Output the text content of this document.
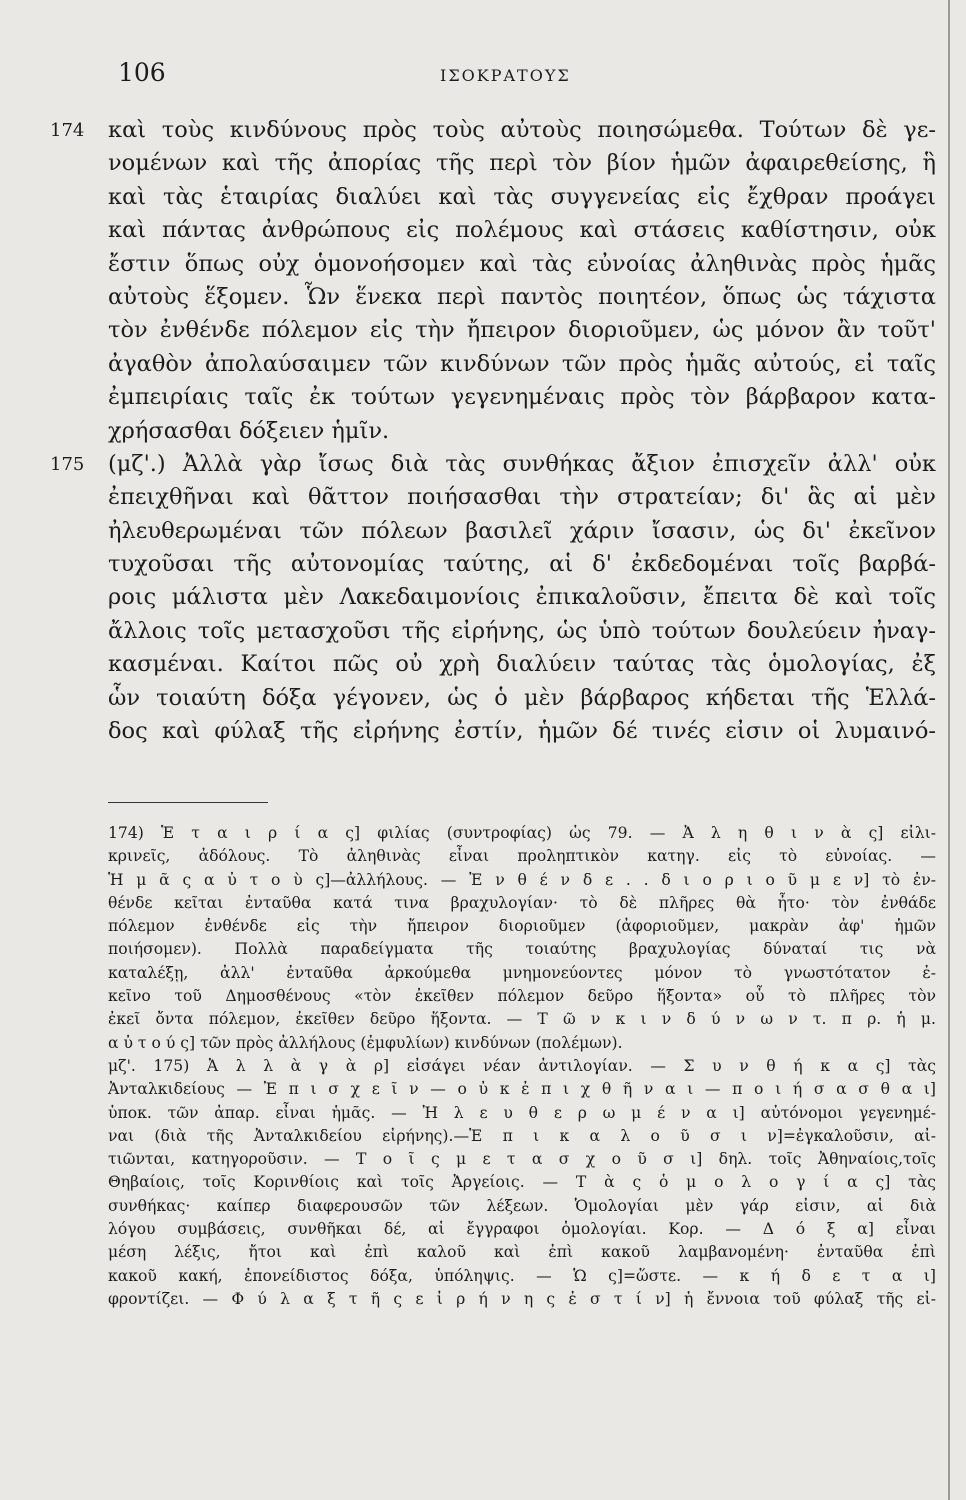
106	ΙΣΟΚΡΑΤΟΥΣ
174 καὶ τοὺς κινδύνους πρὸς τοὺς αὐτοὺς ποιησώμεθα. Τούτων δὲ γε-
νομένων καὶ τῆς ἀπορίας τῆς περὶ τὸν βίον ἡμῶν ἀφαιρεθείσης, ἣ
καὶ τὰς ἑταιρίας διαλύει καὶ τὰς συγγενείας εἰς ἔχθραν προάγει
καὶ πάντας ἀνθρώπους εἰς πολέμους καὶ στάσεις καθίστησιν, οὐκ
ἔστιν ὅπως οὐχ ὁμονοήσομεν καὶ τὰς εὐνοίας ἀληθινὰς πρὸς ἡμᾶς
αὐτοὺς ἕξομεν. Ὧν ἕνεκα περὶ παντὸς ποιητέον, ὅπως ὡς τάχιστα
τὸν ἐνθένδε πόλεμον εἰς τὴν ἤπειρον διοριοῦμεν, ὡς μόνον ἂν τοῦτ'
ἀγαθὸν ἀπολαύσαιμεν τῶν κινδύνων τῶν πρὸς ἡμᾶς αὐτούς, εἰ ταῖς
ἐμπειρίαις ταῖς ἐκ τούτων γεγενημέναις πρὸς τὸν βάρβαρον κατα-
χρήσασθαι δόξειεν ἡμῖν.
175 (μζ'.) Ἀλλὰ γὰρ ἴσως διὰ τὰς συνθήκας ἄξιον ἐπισχεῖν ἀλλ' οὐκ
ἐπειχθῆναι καὶ θᾶττον ποιήσασθαι τὴν στρατείαν; δι' ἃς αἱ μὲν
ἠλευθερωμέναι τῶν πόλεων βασιλεῖ χάριν ἴσασιν, ὡς δι' ἐκεῖνον
τυχοῦσαι τῆς αὐτονομίας ταύτης, αἱ δ' ἐκδεδομέναι τοῖς βαρβά-
ροις μάλιστα μὲν Λακεδαιμονίοις ἐπικαλοῦσιν, ἔπειτα δὲ καὶ τοῖς
ἄλλοις τοῖς μετασχοῦσι τῆς εἰρήνης, ὡς ὑπὸ τούτων δουλεύειν ἠναγ-
κασμέναι. Καίτοι πῶς οὐ χρὴ διαλύειν ταύτας τὰς ὁμολογίας, ἐξ
ὧν τοιαύτη δόξα γέγονεν, ὡς ὁ μὲν βάρβαρος κήδεται τῆς Ἑλλά-
δος καὶ φύλαξ τῆς εἰρήνης ἐστίν, ἡμῶν δέ τινές εἰσιν οἱ λυμαινό-
174) Ἑ τ α ι ρ ί α ς] φιλίας (συντροφίας) ὡς 79. — Ἀ λ η θ ι ν ὰ ς] εἰλι-
κρινεῖς, ἀδόλους. Τὸ ἀληθινὰς εἶναι προληπτικὸν κατηγ. εἰς τὸ εὐνοίας. —
Ἡ μ ᾶ ς α ὐ τ ο ὺ ς]—ἀλλήλους. — Ἐ ν θ έ ν δ ε . . δ ι ο ρ ι ο ῦ μ ε ν] τὸ ἐν-
θένδε κεῖται ἐνταῦθα κατά τινα βραχυλογίαν· τὸ δὲ πλῆρες θὰ ἦτο· τὸν ἐνθάδε
πόλεμον ἐνθένδε εἰς τὴν ἤπειρον διοριοῦμεν (ἀφοριοῦμεν, μακρὰν ἀφ' ἡμῶν
ποιήσομεν). Πολλὰ παραδείγματα τῆς τοιαύτης βραχυλογίας δύναταί τις νὰ
καταλέξῃ, ἀλλ' ἐνταῦθα ἀρκούμεθα μνημονεύοντες μόνον τὸ γνωστότατον ἐ-
κεῖνο τοῦ Δημοσθένους «τὸν ἐκεῖθεν πόλεμον δεῦρο ἥξοντα» οὗ τὸ πλῆρες τὸν
ἐκεῖ ὄντα πόλεμον, ἐκεῖθεν δεῦρο ἥξοντα. — Τ ῶ ν κ ι ν δ ύ ν ω ν τ. π ρ. ἡ μ.
α ὐ τ ο ύ ς] τῶν πρὸς ἀλλήλους (ἐμφυλίων) κινδύνων (πολέμων).
μζ'. 175) Ἀ λ λ ὰ γ ὰ ρ] εἰσάγει νέαν ἀντιλογίαν. — Σ υ ν θ ή κ α ς] τὰς
Ἀνταλκιδείους — Ἐ π ι σ χ ε ῖ ν — ο ὐ κ ἐ π ι χ θ ῆ ν α ι — π ο ι ή σ α σ θ α ι]
ὑποκ. τῶν ἀπαρ. εἶναι ἡμᾶς. — Ἠ λ ε υ θ ε ρ ω μ έ ν α ι] αὐτόνομοι γεγενημέ-
ναι (διὰ τῆς Ἀνταλκιδείου εἰρήνης).—Ἐ π ι κ α λ ο ῦ σ ι ν]=ἐγκαλοῦσιν, αἰ-
τιῶνται, κατηγοροῦσιν. — Τ ο ῖ ς μ ε τ α σ χ ο ῦ σ ι] δηλ. τοῖς Ἀθηναίοις,τοῖς
Θηβαίοις, τοῖς Κορινθίοις καὶ τοῖς Ἀργείοις. — Τ ὰ ς ὁ μ ο λ ο γ ί α ς] τὰς
συνθήκας· καίπερ διαφερουσῶν τῶν λέξεων. Ὁμολογίαι μὲν γάρ εἰσιν, αἱ διὰ
λόγου συμβάσεις, συνθῆκαι δέ, αἱ ἔγγραφοι ὁμολογίαι. Κορ. — Δ ό ξ α] εἶναι
μέση λέξις, ἤτοι καὶ ἐπὶ καλοῦ καὶ ἐπὶ κακοῦ λαμβανομένη· ἐνταῦθα ἐπὶ
κακοῦ κακή, ἐπονείδιστος δόξα, ὑπόληψις. — Ὡ ς]=ὥστε. — κ ή δ ε τ α ι]
φροντίζει. — Φ ύ λ α ξ τ ῆ ς ε ἰ ρ ή ν η ς ἐ σ τ ί ν] ἡ ἔννοια τοῦ φύλαξ τῆς εἰ-
